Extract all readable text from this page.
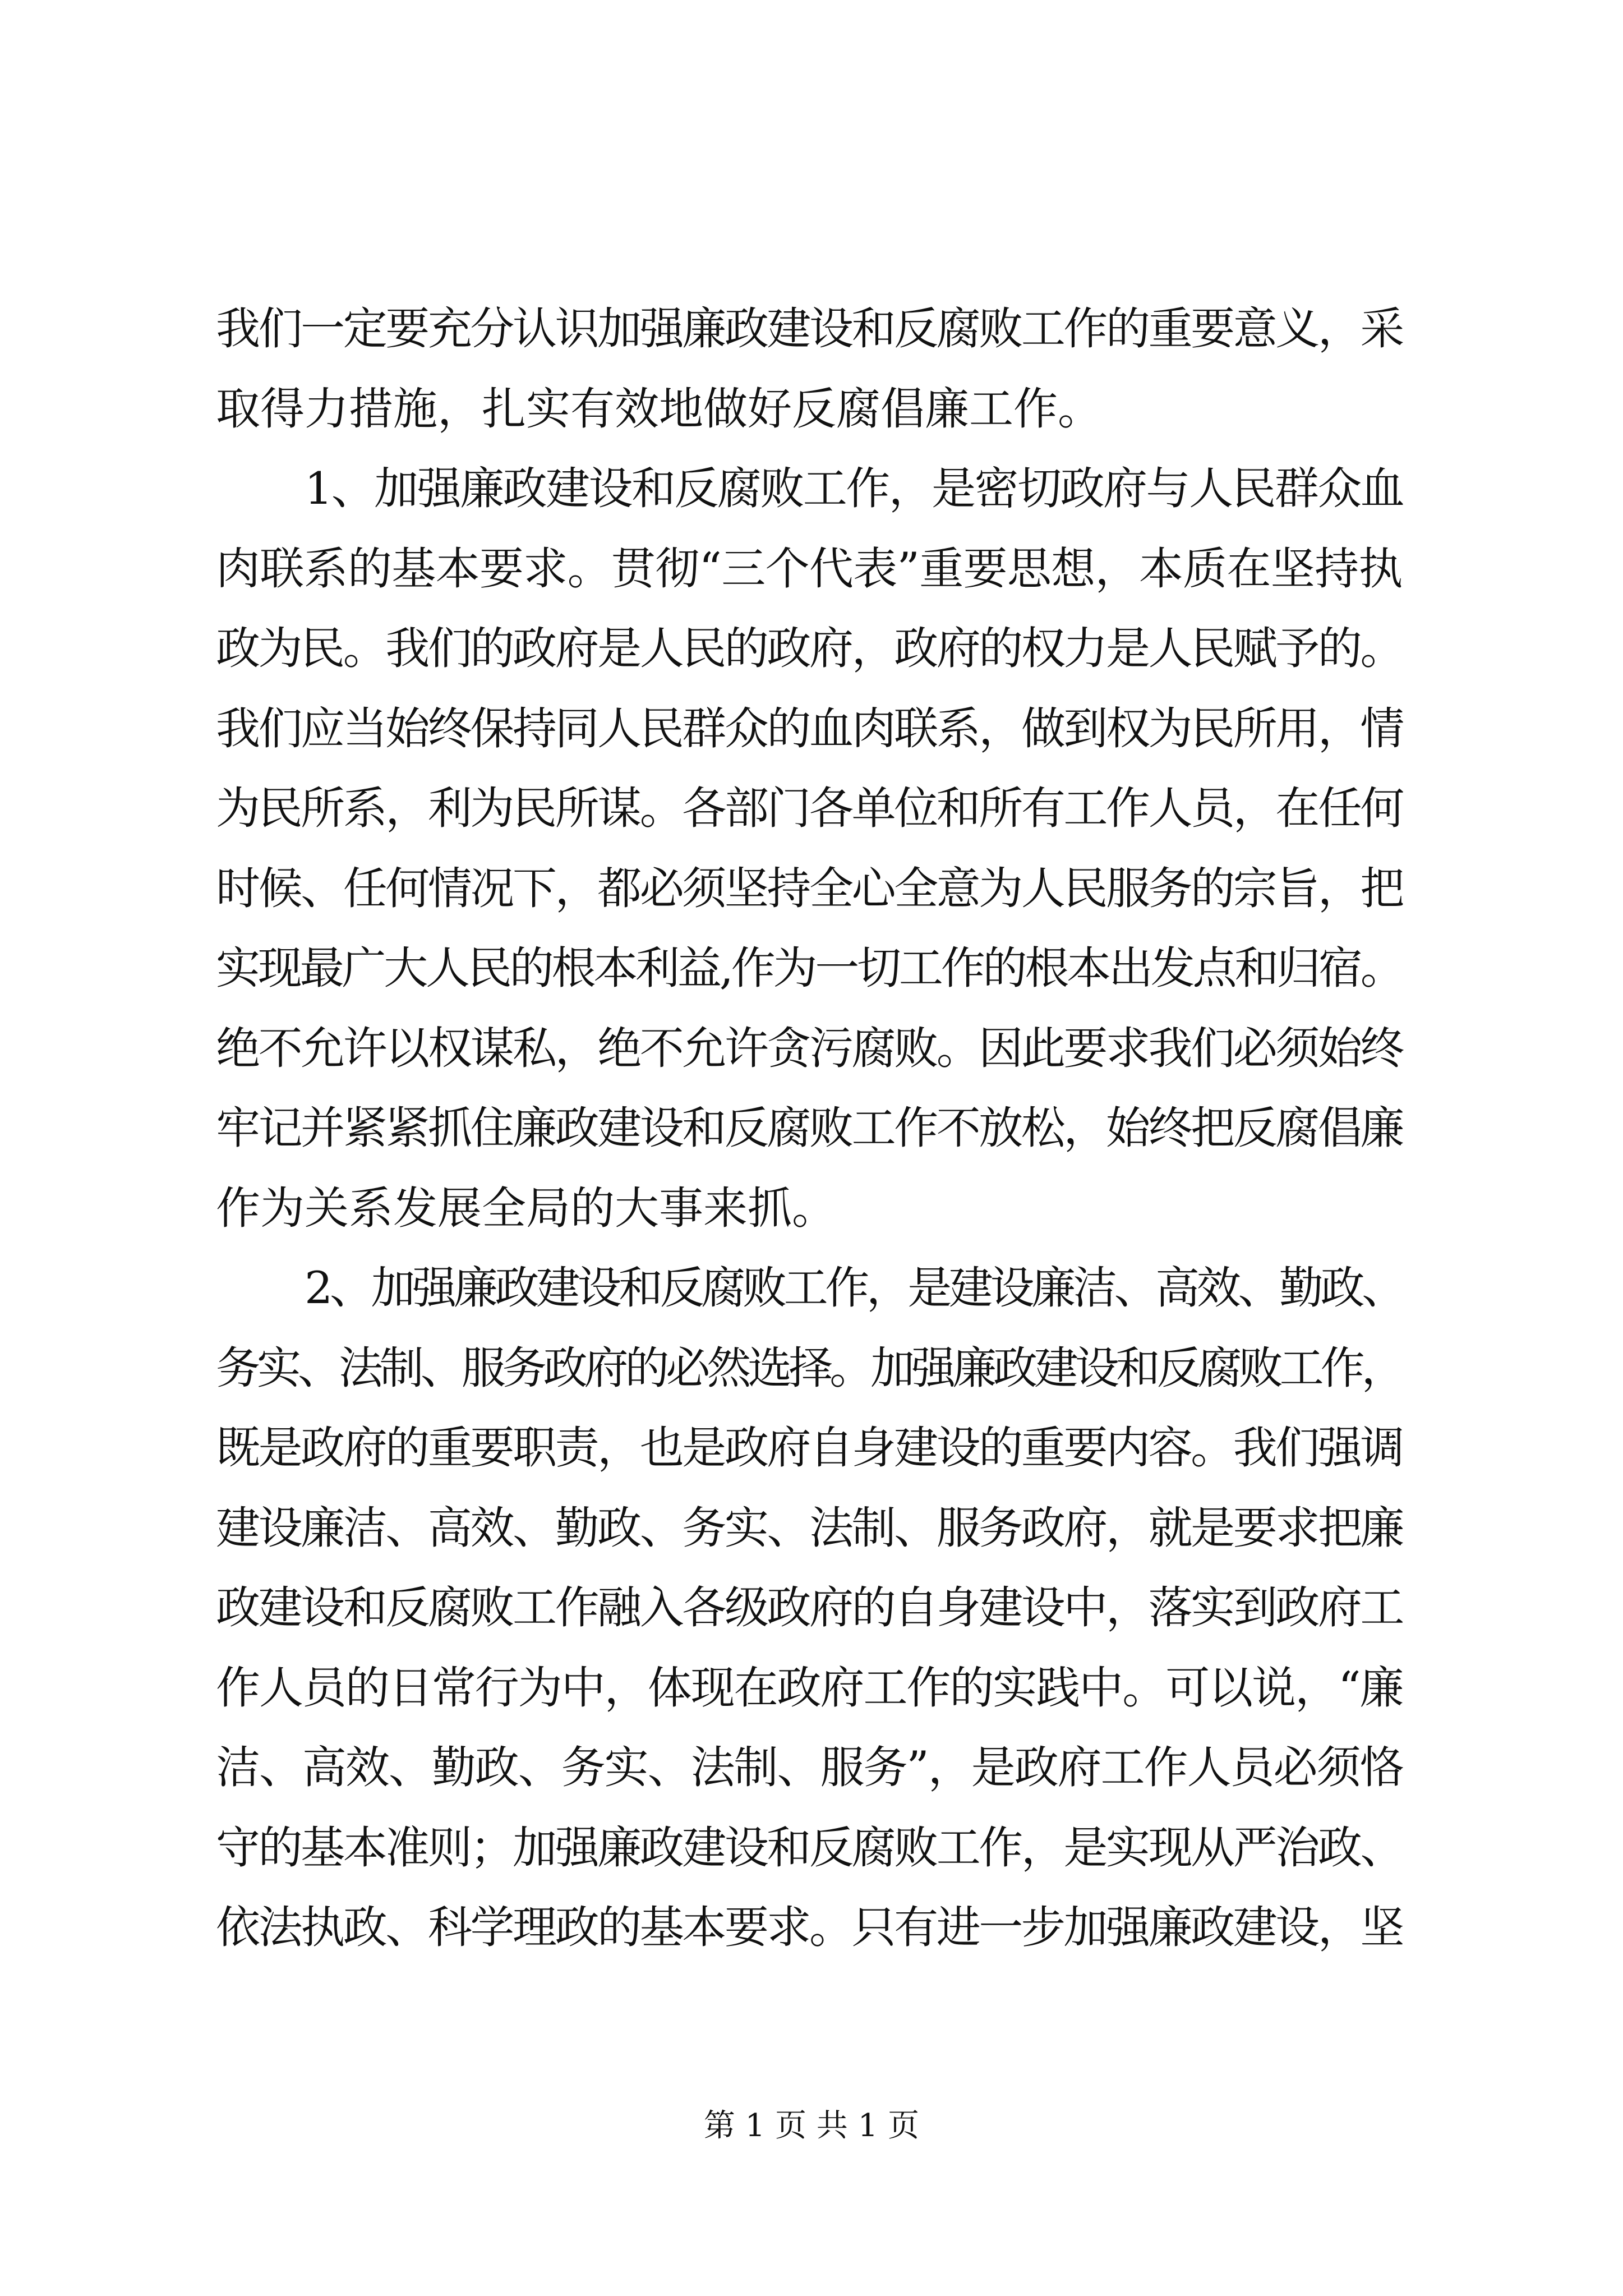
我们一定要充分认识加强廉政建设和反腐败工作的重要意义，采
取得力措施，扎实有效地做好反腐倡廉工作。
1、加强廉政建设和反腐败工作，是密切政府与人民群众血
肉联系的基本要求。贯彻“三个代表”重要思想，本质在坚持执
政为民。我们的政府是人民的政府，政府的权力是人民赋予的。
我们应当始终保持同人民群众的血肉联系，做到权为民所用，情
为民所系，利为民所谋。各部门各单位和所有工作人员，在任何
时候、任何情况下，都必须坚持全心全意为人民服务的宗旨，把
实现最广大人民的根本利益,作为一切工作的根本出发点和归宿。
绝不允许以权谋私，绝不允许贪污腐败。因此要求我们必须始终
牢记并紧紧抓住廉政建设和反腐败工作不放松，始终把反腐倡廉
作为关系发展全局的大事来抓。
2、加强廉政建设和反腐败工作，是建设廉洁、高效、勤政、
务实、法制、服务政府的必然选择。加强廉政建设和反腐败工作，
既是政府的重要职责，也是政府自身建设的重要内容。我们强调
建设廉洁、高效、勤政、务实、法制、服务政府，就是要求把廉
政建设和反腐败工作融入各级政府的自身建设中，落实到政府工
作人员的日常行为中，体现在政府工作的实践中。可以说，“廉
洁、高效、勤政、务实、法制、服务”，是政府工作人员必须恪
守的基本准则；加强廉政建设和反腐败工作，是实现从严治政、
依法执政、科学理政的基本要求。只有进一步加强廉政建设，坚
第 1 页 共 1 页
